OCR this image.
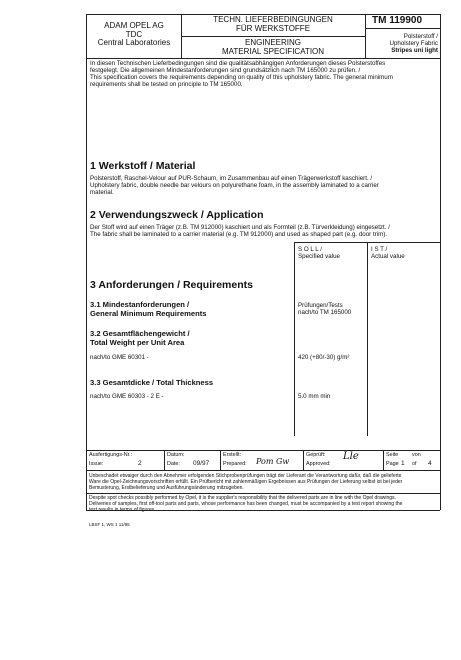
ADAM OPEL AG
TDC
Central Laboratories
TECHN. LIEFERBEDINGUNGEN
FÜR WERKSTOFFE
ENGINEERING
MATERIAL SPECIFICATION
TM 119900
Polsterstoff /
Upholstery Fabric
Stripes uni light
In diesen Technischen Lieferbedingungen sind die qualitätsabhängigen Anforderungen dieses Polsterstoffes
festgelegt. Die allgemeinen Mindestanforderungen sind grundsätzlich nach TM 165000 zu prüfen. /
This specification covers the requirements depending on quality of this upholstery fabric. The general minimum
requirements shall be tested on principle to TM 165000.
1 Werkstoff / Material
Polsterstoff, Raschel-Velour auf PUR-Schaum, im Zusammenbau auf einen Trägerwerkstoff kaschiert. /
Upholstery fabric, double needle bar velours on polyurethane foam, in the assembly laminated to a carrier
material.
2 Verwendungszweck / Application
Der Stoff wird auf einen Träger (z.B. TM 912000) kaschiert und als Formteil (z.B. Türverkleidung) eingesetzt. /
The fabric shall be laminated to a carrier material (e.g. TM 912000) and used as shaped part (e.g. door trim).
S O L L /
Specified value
I S T /
Actual value
3 Anforderungen / Requirements
3.1 Mindestanforderungen /
General Minimum Requirements
Prüfungen/Tests
nach/to TM 165000
3.2 Gesamtflächengewicht /
Total Weight per Unit Area
nach/to GME 60301 -	420 (+80/-30) g/m²
3.3 Gesamtdicke / Total Thickness
nach/to GME 60303 - 2 E -	5.0 mm min
Ausfertigungs-Nr.:
Issue:	2
Datum:
Date: 09/97
Erstellt:
Prepared: Pom Gw
Geprüft:
Approved:
Lle	Seite	von
Page 1 of 4
Unbeschadet etwaiger durch den Abnehmer erfolgenden Stichprobenprüfungen trägt der Lieferant die Verantwortung dafür, daß die gelieferte
Ware die Opel-Zeichnungsvorschriften erfüllt. Ein Prüfbericht mit zahlenmäßigen Ergebnissen aus Prüfungen der Lieferung selbst ist bei jeder
Bemusterung, Erstbelieferung und Ausführungsänderung mitzugeben.
Despite spot checks possibly performed by Opel, it is the supplier's responsibility that the delivered parts are in line with the Opel drawings.
Deliveries of samples, first off-tool parts and parts, whose performance has been changed, must be accompanied by a test report showing the
test results in terms of figures.
LBSF 1, WS 1 11/95
